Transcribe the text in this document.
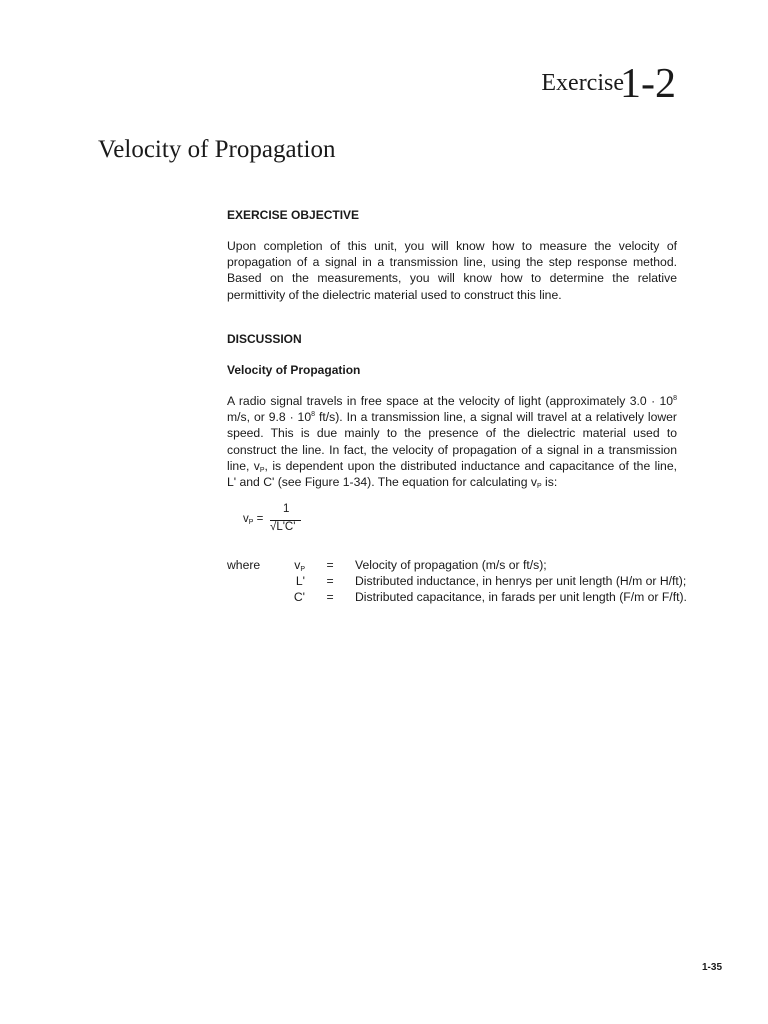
Exercise
1-2
Velocity of Propagation
EXERCISE OBJECTIVE

Upon completion of this unit, you will know how to measure the velocity of propagation of a signal in a transmission line, using the step response method. Based on the measurements, you will know how to determine the relative permittivity of the dielectric material used to construct this line.

DISCUSSION
Velocity of Propagation

A radio signal travels in free space at the velocity of light (approximately $3.0 \cdot 10^8$ m/s, or $9.8 \cdot 10^8$ ft/s). In a transmission line, a signal will travel at a relatively lower speed. This is due mainly to the presence of the dielectric material used to construct the line. In fact, the velocity of propagation of a signal in a transmission line, $v_P$, is dependent upon the distributed inductance and capacitance of the line, L' and C' (see Figure 1-34). The equation for calculating $v_P$ is:

$v_P$ =
1
√L'C'
where	$v_P$	=	Velocity of propagation (m/s or ft/s);
	L'	=	Distributed inductance, in henrys per unit length (H/m or H/ft);
	C'	=	Distributed capacitance, in farads per unit length (F/m or F/ft).
1-35
